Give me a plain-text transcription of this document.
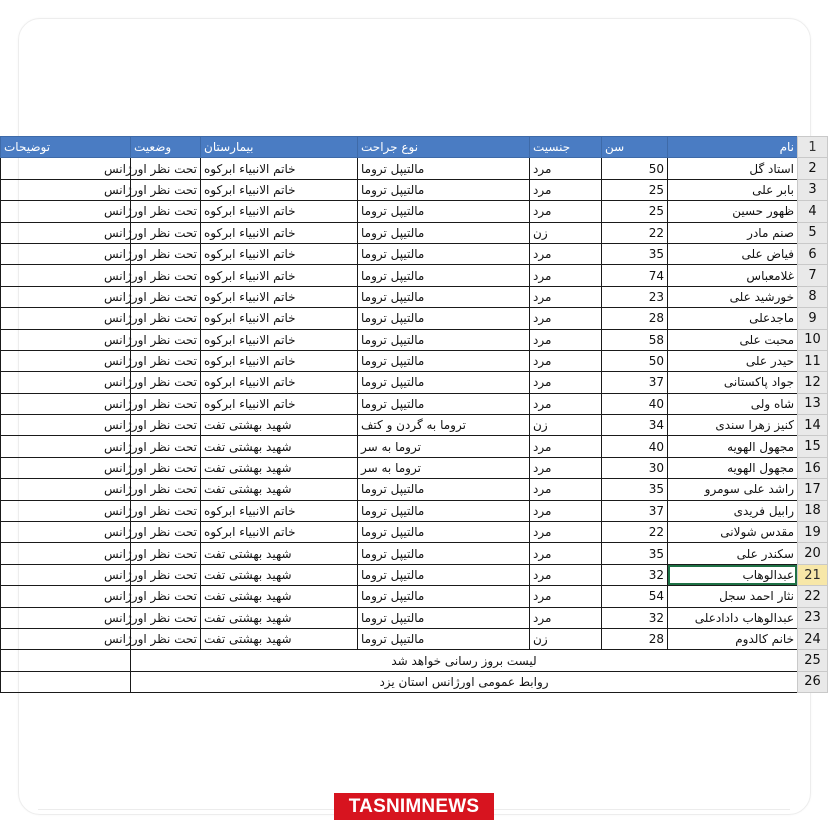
1	نام	سن	جنسیت	نوع جراحت	بیمارستان	وضعیت	توضیحات
2	استاد گل	50	مرد	مالتیپل تروما	خاتم الانبیاء ابرکوه	تحت نظر اورژانس	
3	بابر علی	25	مرد	مالتیپل تروما	خاتم الانبیاء ابرکوه	تحت نظر اورژانس	
4	ظهور حسین	25	مرد	مالتیپل تروما	خاتم الانبیاء ابرکوه	تحت نظر اورژانس	
5	صنم مادر	22	زن	مالتیپل تروما	خاتم الانبیاء ابرکوه	تحت نظر اورژانس	
6	فیاض علی	35	مرد	مالتیپل تروما	خاتم الانبیاء ابرکوه	تحت نظر اورژانس	
7	غلامعباس	74	مرد	مالتیپل تروما	خاتم الانبیاء ابرکوه	تحت نظر اورژانس	
8	خورشید علی	23	مرد	مالتیپل تروما	خاتم الانبیاء ابرکوه	تحت نظر اورژانس	
9	ماجدعلی	28	مرد	مالتیپل تروما	خاتم الانبیاء ابرکوه	تحت نظر اورژانس	
10	محبت علی	58	مرد	مالتیپل تروما	خاتم الانبیاء ابرکوه	تحت نظر اورژانس	
11	حیدر علی	50	مرد	مالتیپل تروما	خاتم الانبیاء ابرکوه	تحت نظر اورژانس	
12	جواد پاکستانی	37	مرد	مالتیپل تروما	خاتم الانبیاء ابرکوه	تحت نظر اورژانس	
13	شاه ولی	40	مرد	مالتیپل تروما	خاتم الانبیاء ابرکوه	تحت نظر اورژانس	
14	کنیز زهرا سندی	34	زن	تروما به گردن و کتف	شهید بهشتی تفت	تحت نظر اورژانس	
15	مجهول الهویه	40	مرد	تروما به سر	شهید بهشتی تفت	تحت نظر اورژانس	
16	مجهول الهویه	30	مرد	تروما به سر	شهید بهشتی تفت	تحت نظر اورژانس	
17	راشد علی سومرو	35	مرد	مالتیپل تروما	شهید بهشتی تفت	تحت نظر اورژانس	
18	رابیل فریدی	37	مرد	مالتیپل تروما	خاتم الانبیاء ابرکوه	تحت نظر اورژانس	
19	مقدس شولانی	22	مرد	مالتیپل تروما	خاتم الانبیاء ابرکوه	تحت نظر اورژانس	
20	سکندر علی	35	مرد	مالتیپل تروما	شهید بهشتی تفت	تحت نظر اورژانس	
21	عبدالوهاب	32	مرد	مالتیپل تروما	شهید بهشتی تفت	تحت نظر اورژانس	
22	نثار احمد سجل	54	مرد	مالتیپل تروما	شهید بهشتی تفت	تحت نظر اورژانس	
23	عبدالوهاب دادادعلی	32	مرد	مالتیپل تروما	شهید بهشتی تفت	تحت نظر اورژانس	
24	خانم کالدوم	28	زن	مالتیپل تروما	شهید بهشتی تفت	تحت نظر اورژانس	
25	لیست بروز رسانی خواهد شد						
26	روابط عمومی اورژانس استان یزد						
TASNIMNEWS
